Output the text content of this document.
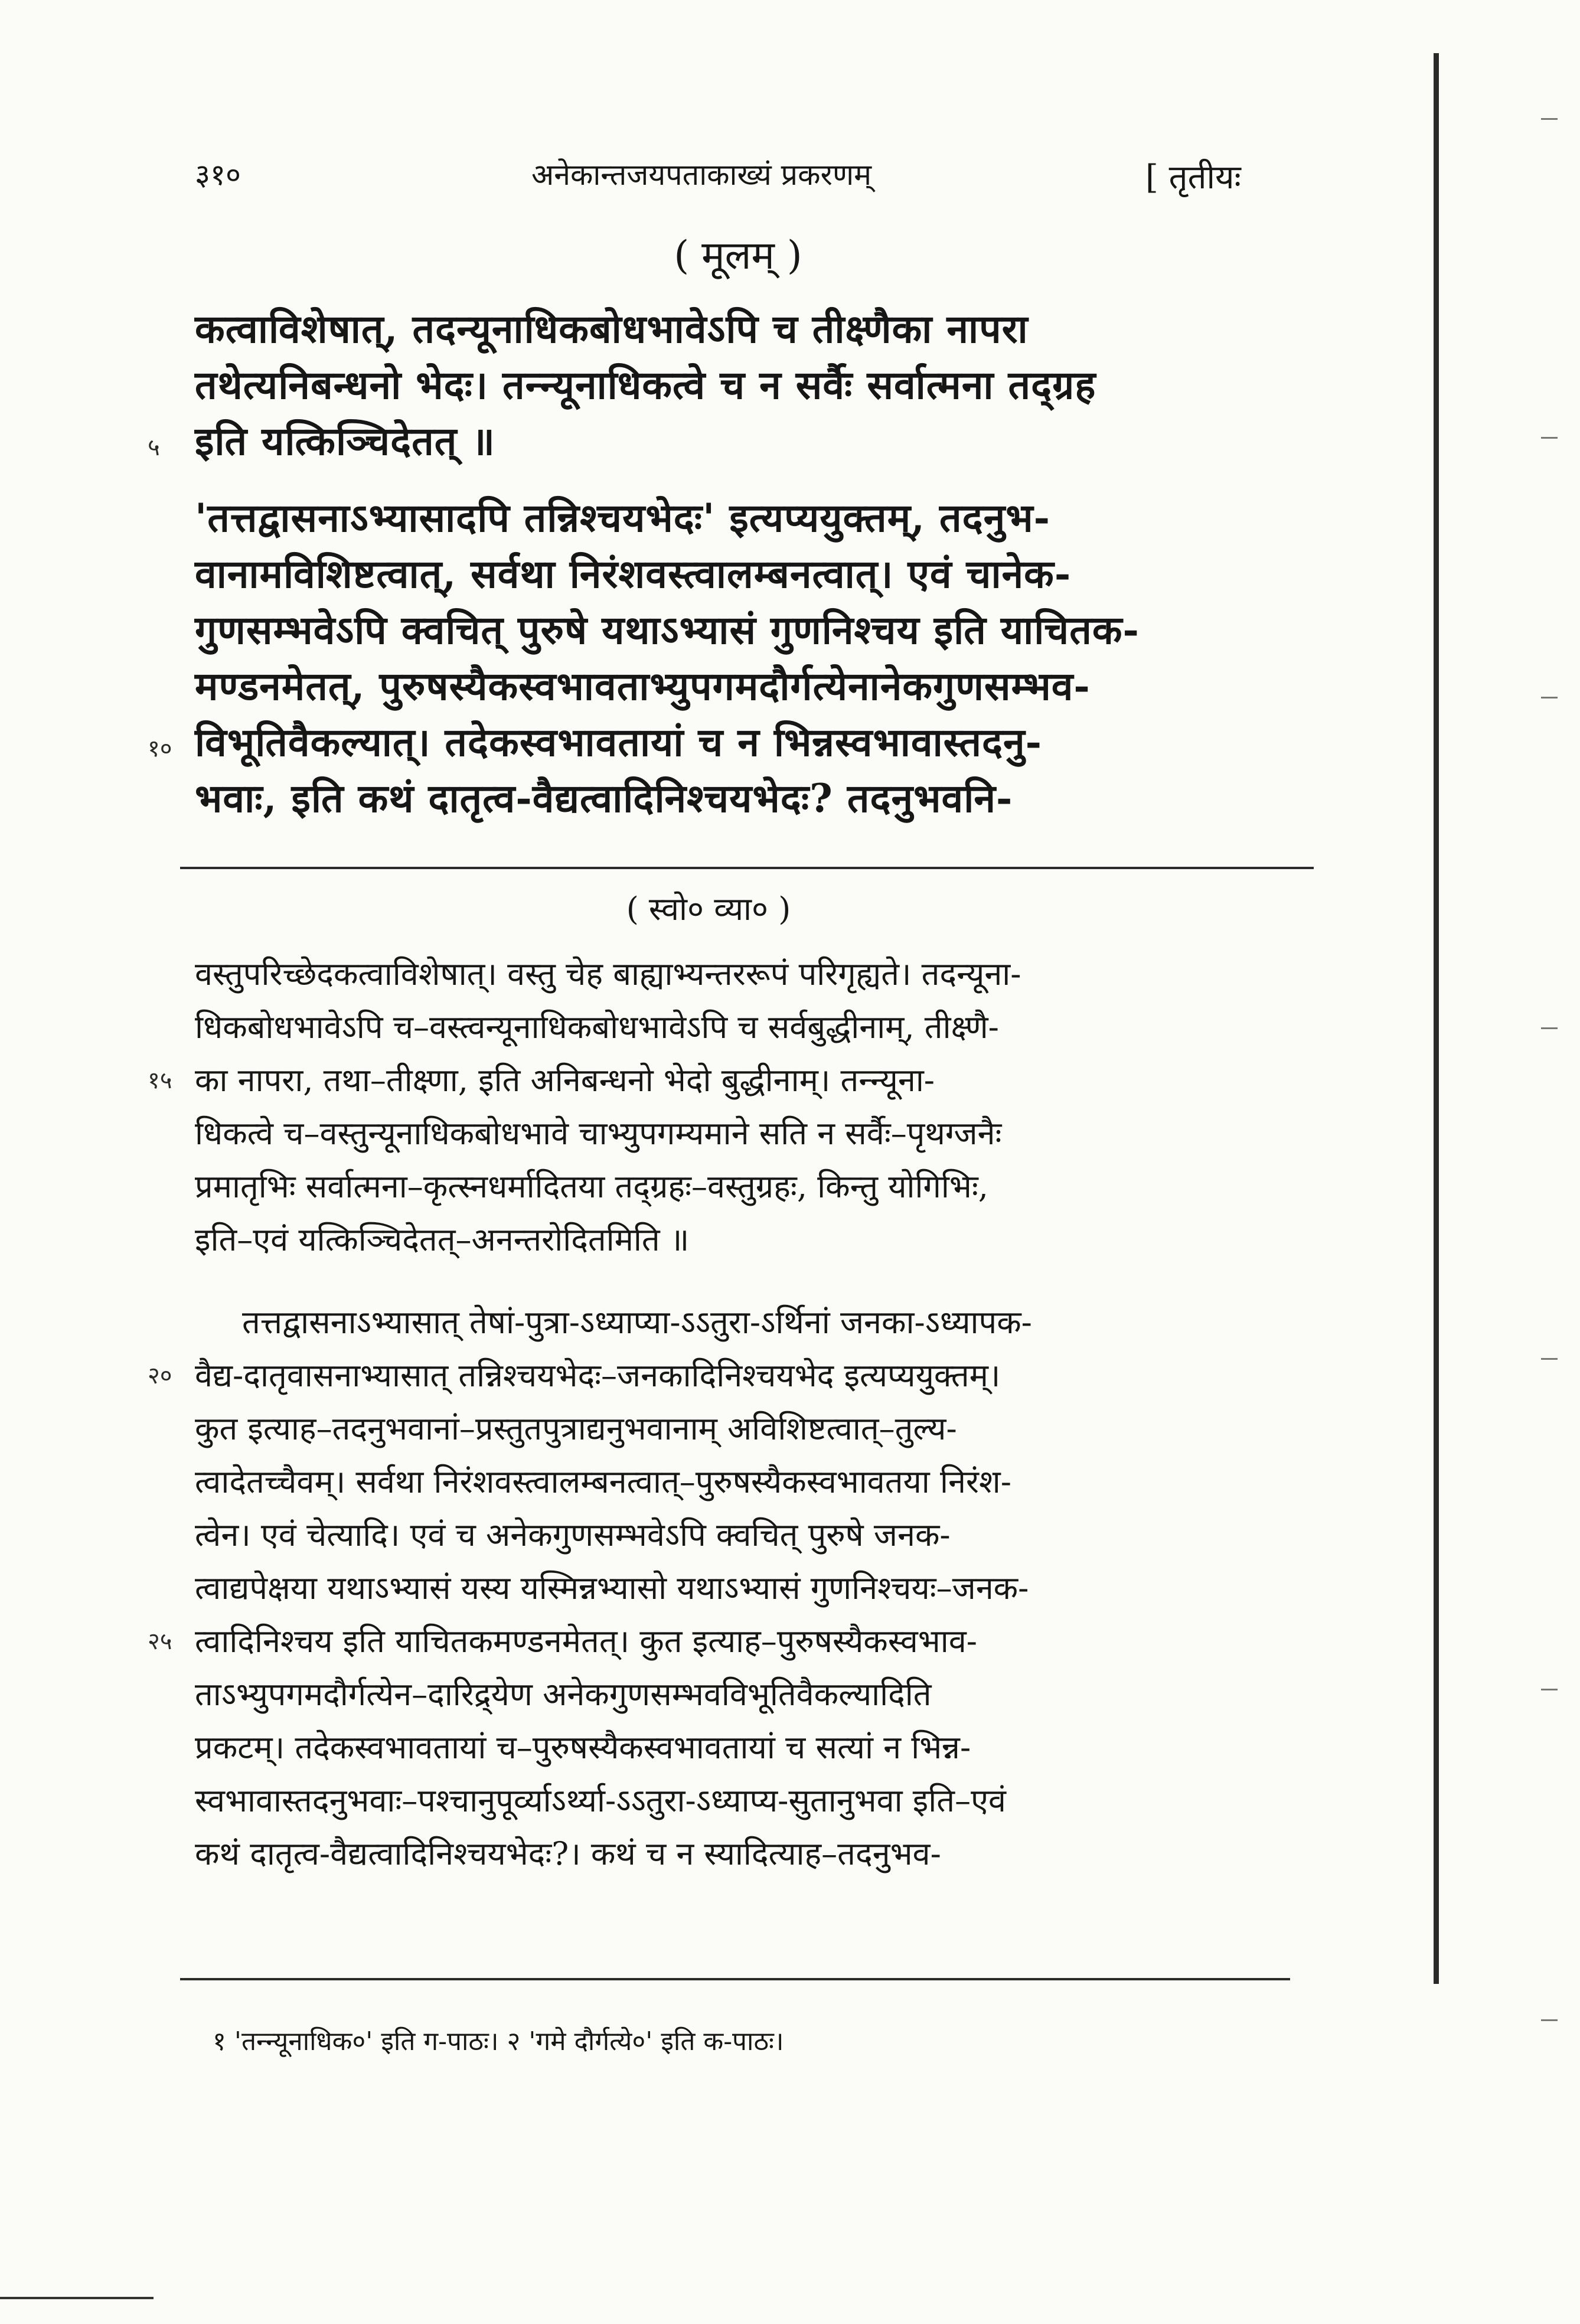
३१०	अनेकान्तजयपताकाख्यं प्रकरणम्	[ तृतीयः
( मूलम् )
कत्वाविशेषात्, तदन्यूनाधिकबोधभावेऽपि च तीक्ष्णैका नापरा
तथेत्यनिबन्धनो भेदः। तन्न्यूनाधिकत्वे च न सर्वैः सर्वात्मना तद्ग्रह
५ इति यत्किञ्चिदेतत् ॥
'तत्तद्वासनाऽभ्यासादपि तन्निश्चयभेदः' इत्यप्ययुक्तम्, तदनुभ-
वानामविशिष्टत्वात्, सर्वथा निरंशवस्त्वालम्बनत्वात्। एवं चानेक-
गुणसम्भवेऽपि क्वचित् पुरुषे यथाऽभ्यासं गुणनिश्चय इति याचितक-
मण्डनमेतत्, पुरुषस्यैकस्वभावताभ्युपगमदौर्गत्येनानेकगुणसम्भव-
१० विभूतिवैकल्यात्। तदेकस्वभावतायां च न भिन्नस्वभावास्तदनु-
भवाः, इति कथं दातृत्व-वैद्यत्वादिनिश्चयभेदः? तदनुभवनि-
( स्वो० व्या० )
वस्तुपरिच्छेदकत्वाविशेषात्। वस्तु चेह बाह्याभ्यन्तररूपं परिगृह्यते। तदन्यूना-
धिकबोधभावेऽपि च–वस्त्वन्यूनाधिकबोधभावेऽपि च सर्वबुद्धीनाम्, तीक्ष्णै-
१५ का नापरा, तथा–तीक्ष्णा, इति अनिबन्धनो भेदो बुद्धीनाम्। तन्न्यूना-
धिकत्वे च–वस्तुन्यूनाधिकबोधभावे चाभ्युपगम्यमाने सति न सर्वैः–पृथग्जनैः
प्रमातृभिः सर्वात्मना–कृत्स्नधर्मादितया तद्ग्रहः–वस्तुग्रहः, किन्तु योगिभिः,
इति–एवं यत्किञ्चिदेतत्–अनन्तरोदितमिति ॥
तत्तद्वासनाऽभ्यासात् तेषां-पुत्रा-ऽध्याप्या-ऽऽतुरा-ऽर्थिनां जनका-ऽध्यापक-
२० वैद्य-दातृवासनाभ्यासात् तन्निश्चयभेदः–जनकादिनिश्चयभेद इत्यप्ययुक्तम्।
कुत इत्याह–तदनुभवानां–प्रस्तुतपुत्राद्यनुभवानाम् अविशिष्टत्वात्–तुल्य-
त्वादेतच्चैवम्। सर्वथा निरंशवस्त्वालम्बनत्वात्–पुरुषस्यैकस्वभावतया निरंश-
त्वेन। एवं चेत्यादि। एवं च अनेकगुणसम्भवेऽपि क्वचित् पुरुषे जनक-
त्वाद्यपेक्षया यथाऽभ्यासं यस्य यस्मिन्नभ्यासो यथाऽभ्यासं गुणनिश्चयः–जनक-
२५ त्वादिनिश्चय इति याचितकमण्डनमेतत्। कुत इत्याह–पुरुषस्यैकस्वभाव-
ताऽभ्युपगमदौर्गत्येन–दारिद्र्येण अनेकगुणसम्भवविभूतिवैकल्यादिति
प्रकटम्। तदेकस्वभावतायां च–पुरुषस्यैकस्वभावतायां च सत्यां न भिन्न-
स्वभावास्तदनुभवाः–पश्चानुपूर्व्याऽर्थ्या-ऽऽतुरा-ऽध्याप्य-सुतानुभवा इति–एवं
कथं दातृत्व-वैद्यत्वादिनिश्चयभेदः?। कथं च न स्यादित्याह–तदनुभव-
१ 'तन्न्यूनाधिक०' इति ग-पाठः। २ 'गमे दौर्गत्ये०' इति क-पाठः।
